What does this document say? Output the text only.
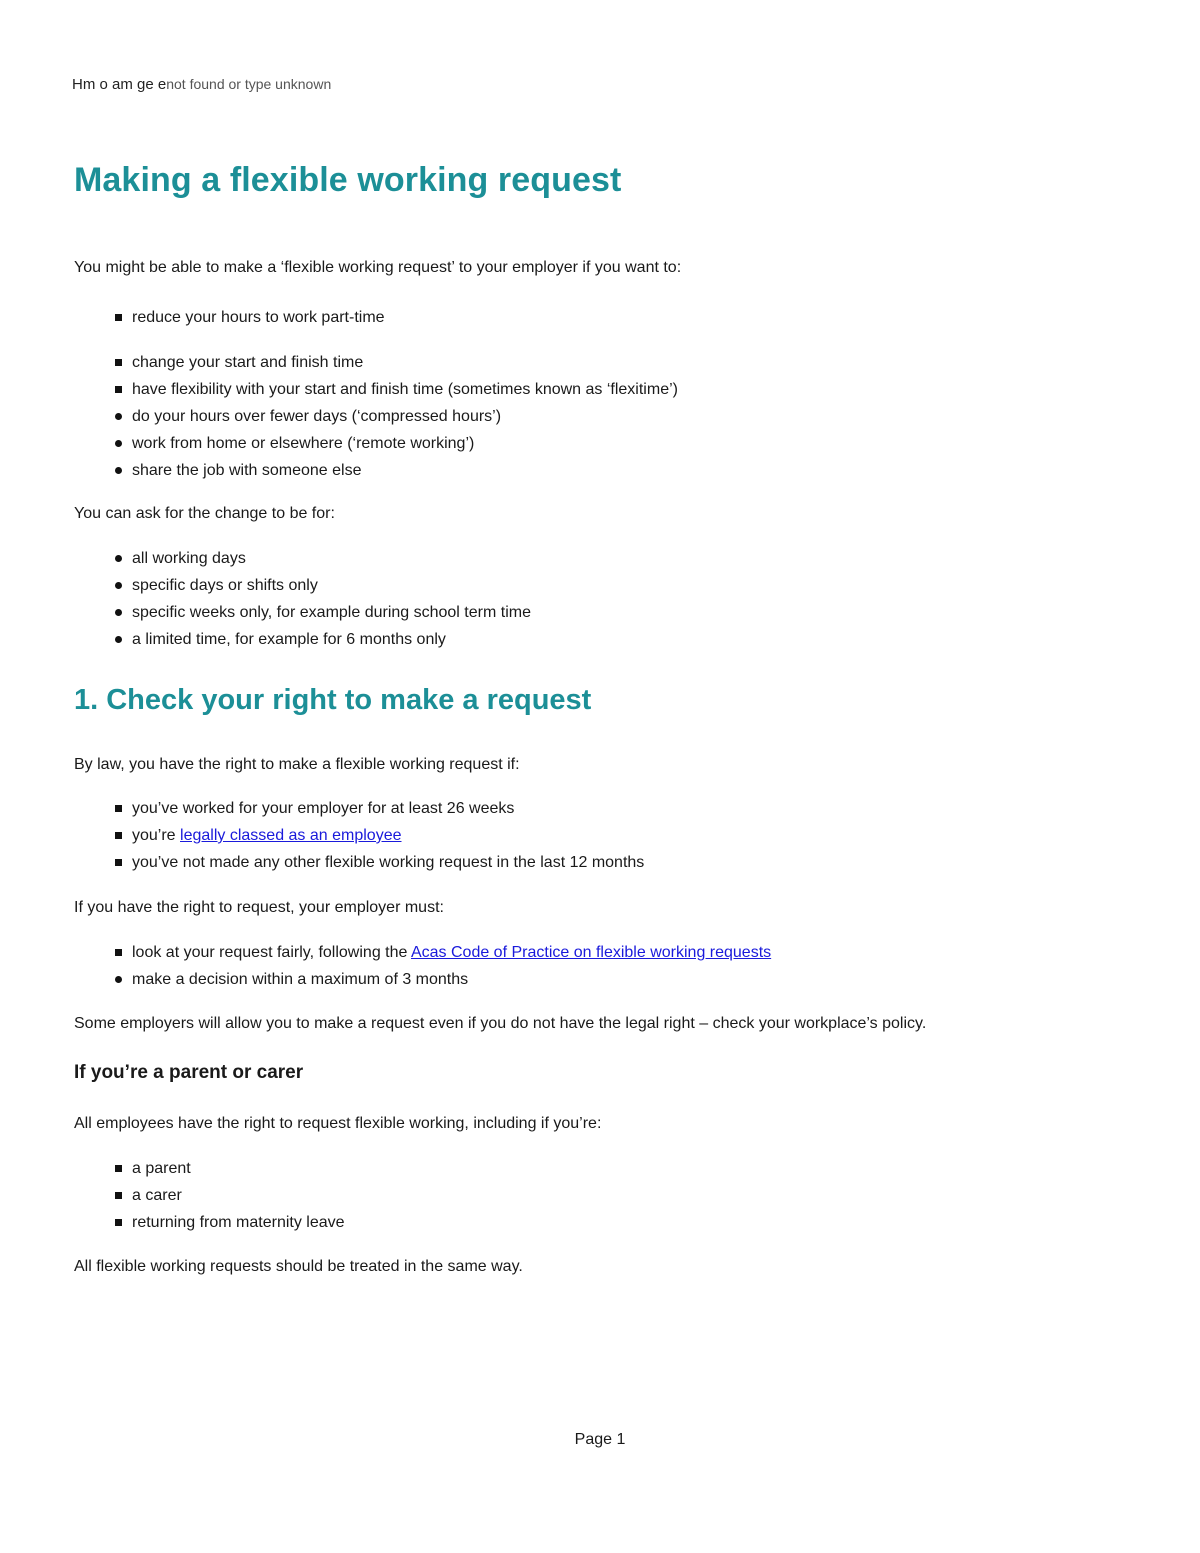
Hm o am ge enot found or type unknown
Making a flexible working request

You might be able to make a ‘flexible working request’ to your employer if you want to:

reduce your hours to work part-time
change your start and finish time
have flexibility with your start and finish time (sometimes known as ‘flexitime’)
do your hours over fewer days (‘compressed hours’)
work from home or elsewhere (‘remote working’)
share the job with someone else

You can ask for the change to be for:

all working days
specific days or shifts only
specific weeks only, for example during school term time
a limited time, for example for 6 months only
1. Check your right to make a request

By law, you have the right to make a flexible working request if:

you’ve worked for your employer for at least 26 weeks
you’re legally classed as an employee
you’ve not made any other flexible working request in the last 12 months

If you have the right to request, your employer must:

look at your request fairly, following the Acas Code of Practice on flexible working requests
make a decision within a maximum of 3 months

Some employers will allow you to make a request even if you do not have the legal right – check your workplace’s policy.

If you’re a parent or carer

All employees have the right to request flexible working, including if you’re:

a parent
a carer
returning from maternity leave

All flexible working requests should be treated in the same way.

Page 1
